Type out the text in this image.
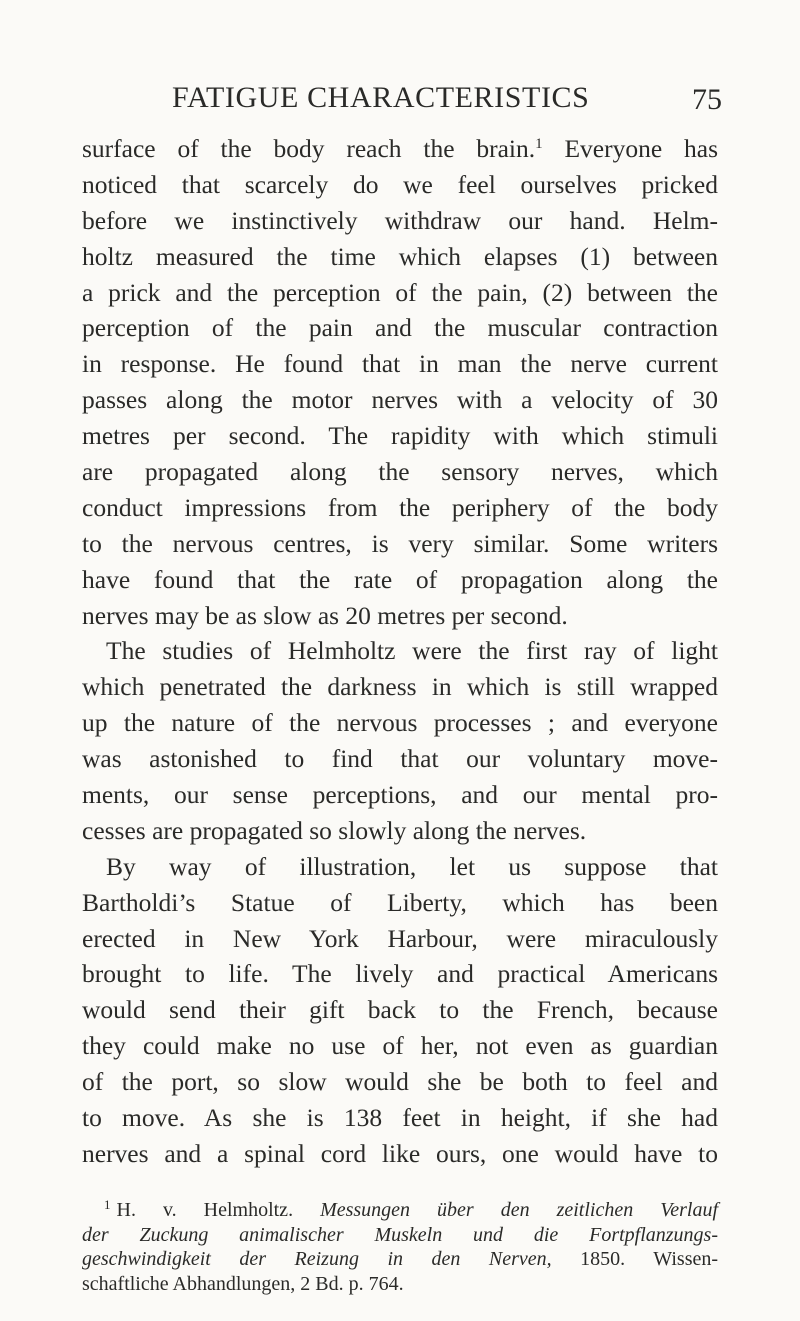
FATIGUE CHARACTERISTICS	75
surface of the body reach the brain.$^1$ Everyone has
noticed that scarcely do we feel ourselves pricked
before we instinctively withdraw our hand. Helm-
holtz measured the time which elapses (1) between
a prick and the perception of the pain, (2) between the
perception of the pain and the muscular contraction
in response. He found that in man the nerve current
passes along the motor nerves with a velocity of 30
metres per second. The rapidity with which stimuli
are propagated along the sensory nerves, which
conduct impressions from the periphery of the body
to the nervous centres, is very similar. Some writers
have found that the rate of propagation along the
nerves may be as slow as 20 metres per second.
The studies of Helmholtz were the first ray of light
which penetrated the darkness in which is still wrapped
up the nature of the nervous processes ; and everyone
was astonished to find that our voluntary move-
ments, our sense perceptions, and our mental pro-
cesses are propagated so slowly along the nerves.
By way of illustration, let us suppose that
Bartholdi’s Statue of Liberty, which has been
erected in New York Harbour, were miraculously
brought to life. The lively and practical Americans
would send their gift back to the French, because
they could make no use of her, not even as guardian
of the port, so slow would she be both to feel and
to move. As she is 138 feet in height, if she had
nerves and a spinal cord like ours, one would have to
$^1$ H. v. Helmholtz. Messungen über den zeitlichen Verlauf
der Zuckung animalischer Muskeln und die Fortpflanzungs-
geschwindigkeit der Reizung in den Nerven, 1850. Wissen-
schaftliche Abhandlungen, 2 Bd. p. 764.
